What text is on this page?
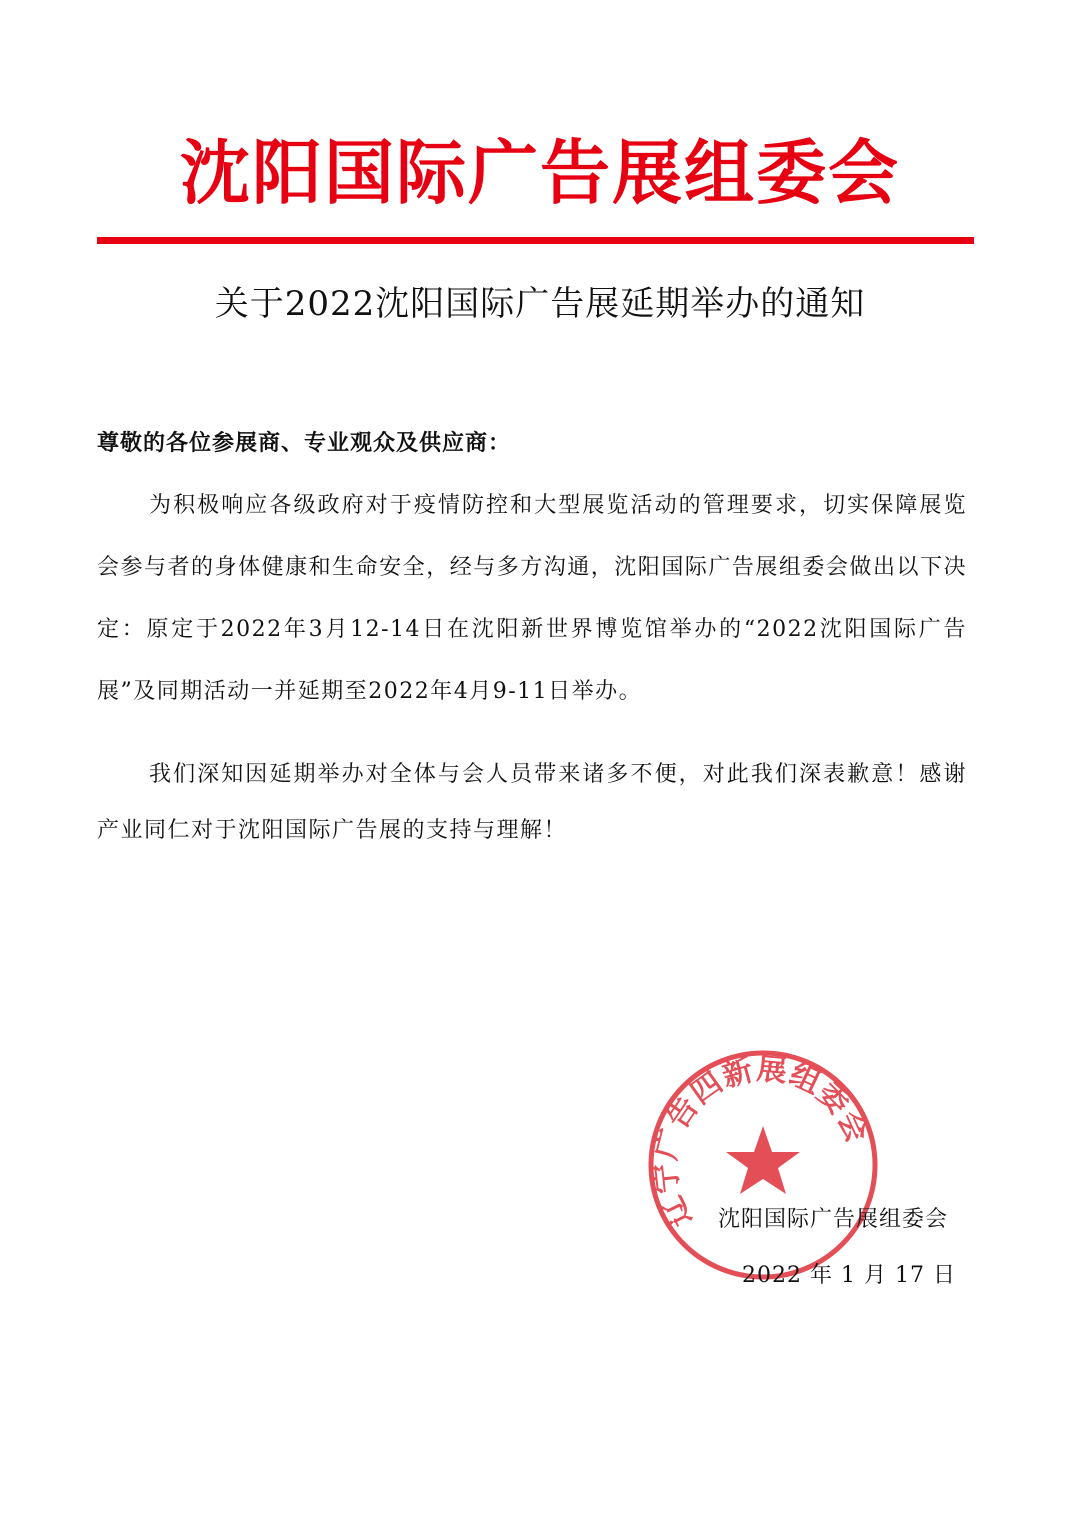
沈阳国际广告展组委会
关于2022沈阳国际广告展延期举办的通知
尊敬的各位参展商、专业观众及供应商：
为积极响应各级政府对于疫情防控和大型展览活动的管理要求，切实保障展览会参与者的身体健康和生命安全，经与多方沟通，沈阳国际广告展组委会做出以下决定：原定于2022年3月12-14日在沈阳新世界博览馆举办的“2022沈阳国际广告展”及同期活动一并延期至2022年4月9-11日举办。
我们深知因延期举办对全体与会人员带来诸多不便，对此我们深表歉意！感谢产业同仁对于沈阳国际广告展的支持与理解！
辽宁广告四新展组委会
沈阳国际广告展组委会
2022 年 1 月 17 日
